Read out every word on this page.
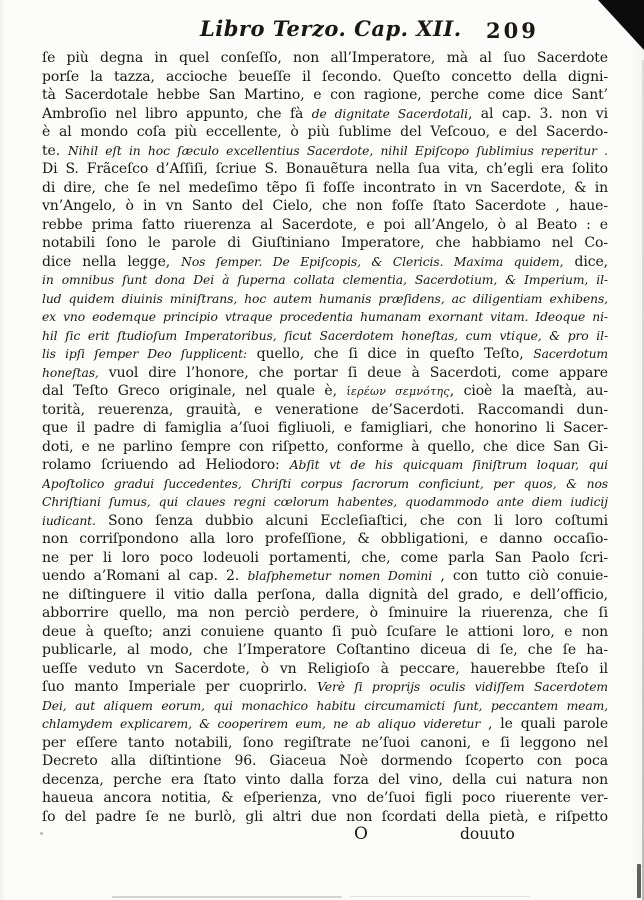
Libro Terzo. Cap. XII. 209
ſe più degna in quel conſeſſo, non all’Imperatore, mà al ſuo Sacerdote
porſe la tazza, accioche beueſſe il ſecondo. Queſto concetto della digni-
tà Sacerdotale hebbe San Martino, e con ragione, perche come dice Sant’
Ambroſio nel libro appunto, che fà de dignitate Sacerdotali, al cap. 3. non vi
è al mondo coſa più eccellente, ò più ſublime del Veſcouo, e del Sacerdo-
te. Nihil eſt in hoc ſæculo excellentius Sacerdote, nihil Epiſcopo ſublimius reperitur .
Di S. Frãceſco d’Aſſiſi, ſcriue S. Bonauẽtura nella ſua vita, ch’egli era ſolito
di dire, che ſe nel medeſimo tẽpo ſi foſſe incontrato in vn Sacerdote, & in
vn’Angelo, ò in vn Santo del Cielo, che non foſſe ſtato Sacerdote , haue-
rebbe prima fatto riuerenza al Sacerdote, e poi all’Angelo, ò al Beato : e
notabili ſono le parole di Giuſtiniano Imperatore, che habbiamo nel Co-
dice nella legge, Nos ſemper. De Epiſcopis, & Clericis. Maxima quidem, dice,
in omnibus ſunt dona Dei à ſuperna collata clementia, Sacerdotium, & Imperium, il-
lud quidem diuinis miniſtrans, hoc autem humanis præſidens, ac diligentiam exhibens,
ex vno eodemque principio vtraque procedentia humanam exornant vitam. Ideoque ni-
hil ſic erit ſtudioſum Imperatoribus, ſicut Sacerdotem honeſtas, cum vtique, & pro il-
lis ipſi ſemper Deo ſupplicent: quello, che ſi dice in queſto Teſto, Sacerdotum
honeſtas, vuol dire l’honore, che portar ſi deue à Sacerdoti, come appare
dal Teſto Greco originale, nel quale è, ἱερέων σεμνότης, cioè la maeſtà, au-
torità, reuerenza, grauità, e veneratione de’Sacerdoti. Raccomandi dun-
que il padre di famiglia a’ſuoi figliuoli, e famigliari, che honorino li Sacer-
doti, e ne parlino ſempre con riſpetto, conforme à quello, che dice San Gi-
rolamo ſcriuendo ad Heliodoro: Abſit vt de his quicquam ſiniſtrum loquar, qui
Apoſtolico gradui ſuccedentes, Chriſti corpus ſacrorum conficiunt, per quos, & nos
Chriſtiani ſumus, qui claues regni cœlorum habentes, quodammodo ante diem iudicij
iudicant. Sono ſenza dubbio alcuni Eccleſiaſtici, che con li loro coſtumi
non corriſpondono alla loro profeſſione, & obbligationi, e danno occaſio-
ne per li loro poco lodeuoli portamenti, che, come parla San Paolo ſcri-
uendo a’Romani al cap. 2. blaſphemetur nomen Domini , con tutto ciò conuie-
ne diſtinguere il vitio dalla perſona, dalla dignità del grado, e dell’officio,
abborrire quello, ma non perciò perdere, ò ſminuire la riuerenza, che ſi
deue à queſto; anzi conuiene quanto ſi può ſcuſare le attioni loro, e non
publicarle, al modo, che l’Imperatore Coſtantino diceua di ſe, che ſe ha-
ueſſe veduto vn Sacerdote, ò vn Religioſo à peccare, hauerebbe ſteſo il
ſuo manto Imperiale per cuoprirlo. Verè ſi proprijs oculis vidiſſem Sacerdotem
Dei, aut aliquem eorum, qui monachico habitu circumamicti ſunt, peccantem meam,
chlamydem explicarem, & cooperirem eum, ne ab aliquo videretur , le quali parole
per eſſere tanto notabili, ſono regiſtrate ne’ſuoi canoni, e ſi leggono nel
Decreto alla diſtintione 96. Giaceua Noè dormendo ſcoperto con poca
decenza, perche era ſtato vinto dalla forza del vino, della cui natura non
haueua ancora notitia, & eſperienza, vno de’ſuoi figli poco riuerente ver-
ſo del padre ſe ne burlò, gli altri due non ſcordati della pietà, e riſpetto
O	douuto
